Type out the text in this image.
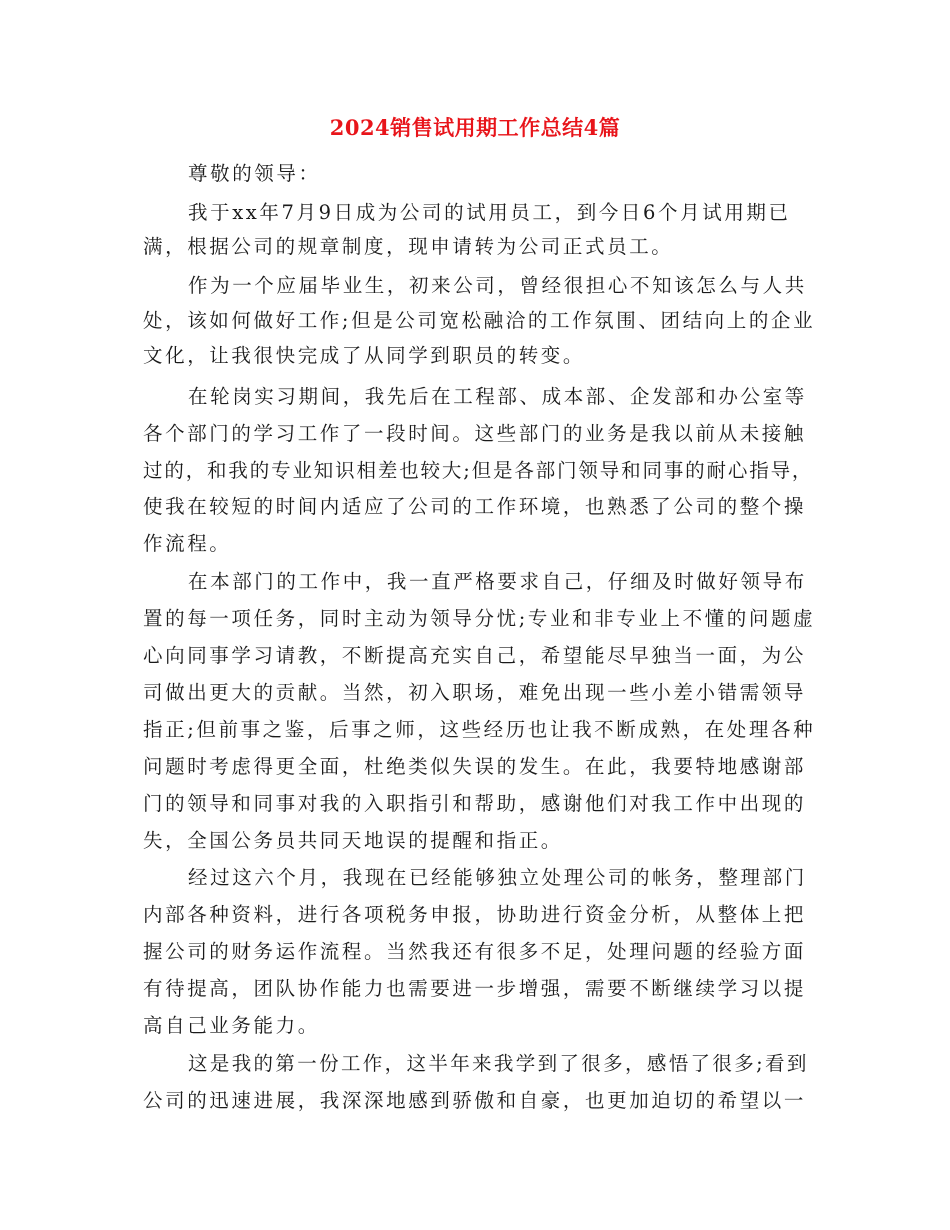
2024销售试用期工作总结4篇
尊敬的领导：
我于xx年7月9日成为公司的试用员工，到今日6个月试用期已
满，根据公司的规章制度，现申请转为公司正式员工。
作为一个应届毕业生，初来公司，曾经很担心不知该怎么与人共
处，该如何做好工作;但是公司宽松融洽的工作氛围、团结向上的企业
文化，让我很快完成了从同学到职员的转变。
在轮岗实习期间，我先后在工程部、成本部、企发部和办公室等
各个部门的学习工作了一段时间。这些部门的业务是我以前从未接触
过的，和我的专业知识相差也较大;但是各部门领导和同事的耐心指导，
使我在较短的时间内适应了公司的工作环境，也熟悉了公司的整个操
作流程。
在本部门的工作中，我一直严格要求自己，仔细及时做好领导布
置的每一项任务，同时主动为领导分忧;专业和非专业上不懂的问题虚
心向同事学习请教，不断提高充实自己，希望能尽早独当一面，为公
司做出更大的贡献。当然，初入职场，难免出现一些小差小错需领导
指正;但前事之鉴，后事之师，这些经历也让我不断成熟，在处理各种
问题时考虑得更全面，杜绝类似失误的发生。在此，我要特地感谢部
门的领导和同事对我的入职指引和帮助，感谢他们对我工作中出现的
失，全国公务员共同天地误的提醒和指正。
经过这六个月，我现在已经能够独立处理公司的帐务，整理部门
内部各种资料，进行各项税务申报，协助进行资金分析，从整体上把
握公司的财务运作流程。当然我还有很多不足，处理问题的经验方面
有待提高，团队协作能力也需要进一步增强，需要不断继续学习以提
高自己业务能力。
这是我的第一份工作，这半年来我学到了很多，感悟了很多;看到
公司的迅速进展，我深深地感到骄傲和自豪，也更加迫切的希望以一
